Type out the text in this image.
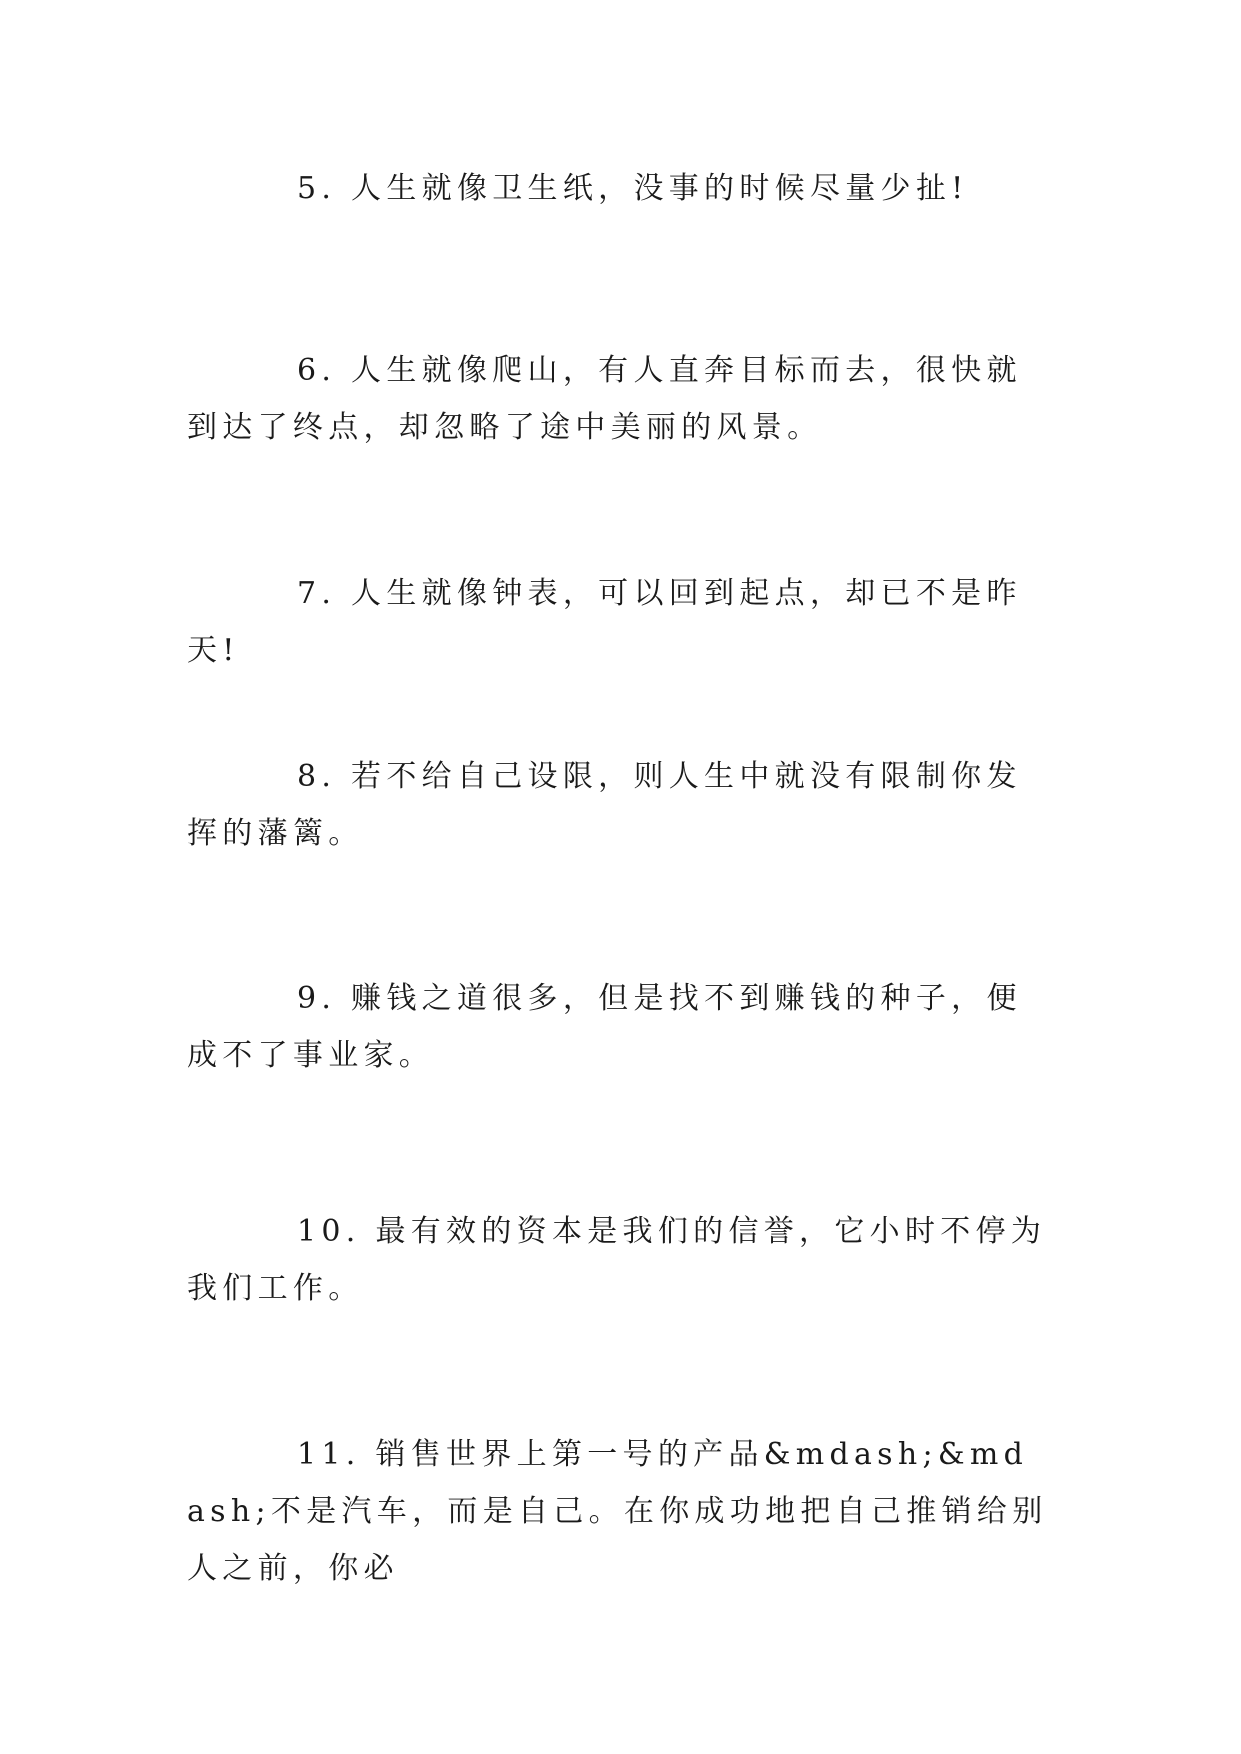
5. 人生就像卫生纸，没事的时候尽量少扯!

6. 人生就像爬山，有人直奔目标而去，很快就到达了终点，却忽略了途中美丽的风景。

7. 人生就像钟表，可以回到起点，却已不是昨天!

8. 若不给自己设限，则人生中就没有限制你发挥的藩篱。

9. 赚钱之道很多，但是找不到赚钱的种子，便成不了事业家。

10. 最有效的资本是我们的信誉，它小时不停为我们工作。

11. 销售世界上第一号的产品&mdash;&mdash;不是汽车，而是自己。在你成功地把自己推销给别人之前，你必
